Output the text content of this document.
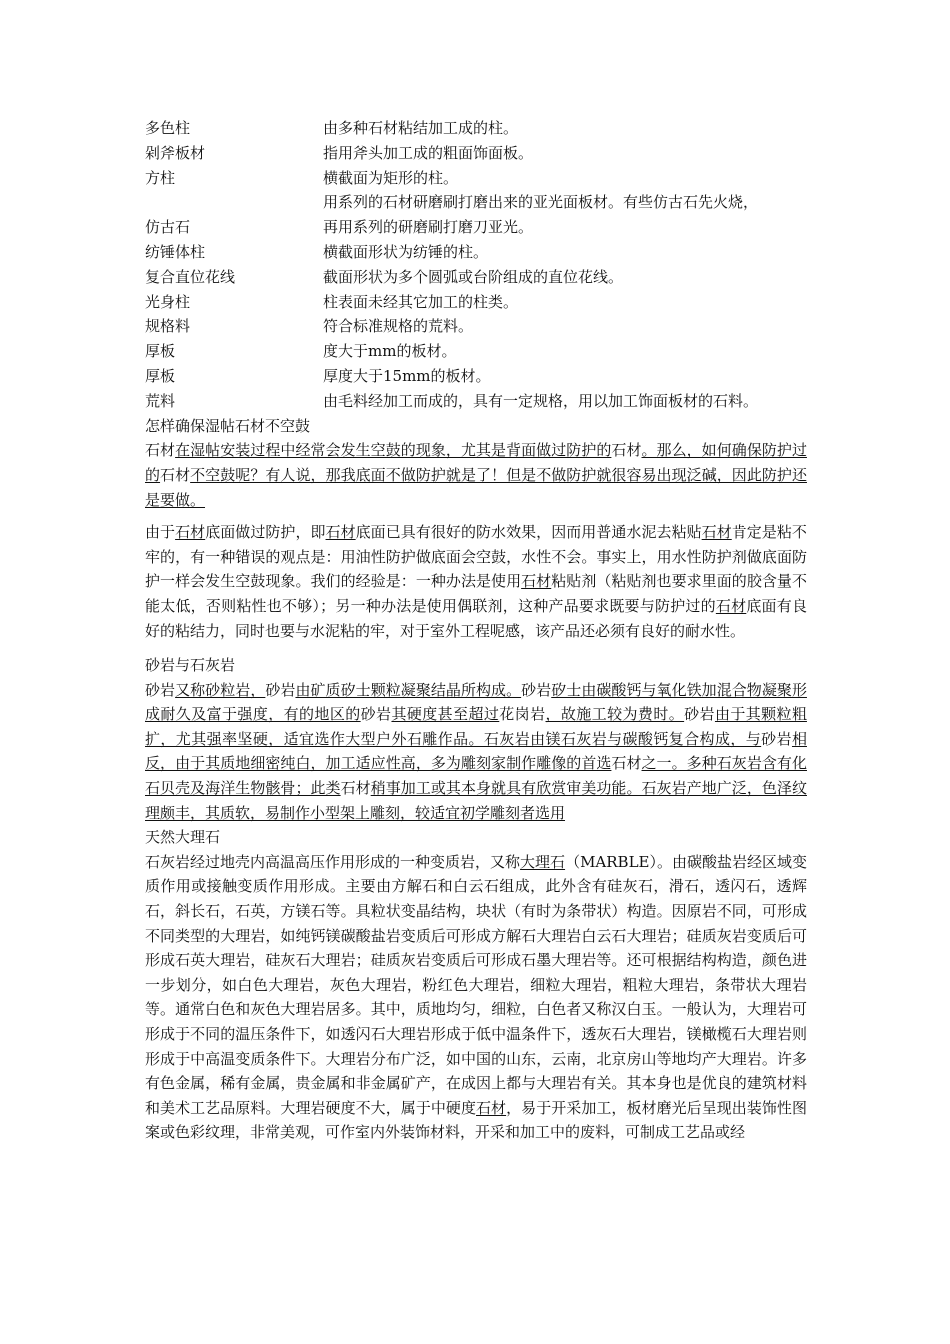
多色柱	由多种石材粘结加工成的柱。
剁斧板材	指用斧头加工成的粗面饰面板。
方柱	横截面为矩形的柱。
用系列的石材研磨刷打磨出来的亚光面板材。有些仿古石先火烧，
仿古石	再用系列的研磨刷打磨刀亚光。
纺锤体柱	横截面形状为纺锤的柱。
复合直位花线	截面形状为多个圆弧或台阶组成的直位花线。
光身柱	柱表面未经其它加工的柱类。
规格料	符合标准规格的荒料。
厚板	度大于mm的板材。
厚板	厚度大于15mm的板材。
荒料	由毛料经加工而成的，具有一定规格，用以加工饰面板材的石料。
怎样确保湿帖石材不空鼓

石材在湿帖安装过程中经常会发生空鼓的现象，尤其是背面做过防护的石材。那么，如何确保防护过的石材不空鼓呢？有人说，那我底面不做防护就是了！但是不做防护就很容易出现泛碱，因此防护还是要做。

由于石材底面做过防护，即石材底面已具有很好的防水效果，因而用普通水泥去粘贴石材肯定是粘不牢的，有一种错误的观点是：用油性防护做底面会空鼓，水性不会。事实上，用水性防护剂做底面防护一样会发生空鼓现象。我们的经验是：一种办法是使用石材粘贴剂（粘贴剂也要求里面的胶含量不能太低，否则粘性也不够）；另一种办法是使用偶联剂，这种产品要求既要与防护过的石材底面有良好的粘结力，同时也要与水泥粘的牢，对于室外工程呢感，该产品还必须有良好的耐水性。

砂岩与石灰岩

砂岩又称砂粒岩，砂岩由矿质矽士颗粒凝聚结晶所构成。砂岩矽士由碳酸钙与氧化铁加混合物凝聚形成耐久及富于强度，有的地区的砂岩其硬度甚至超过花岗岩，故施工较为费时。砂岩由于其颗粒粗扩，尤其强率坚硬，适宜选作大型户外石雕作品。石灰岩由镁石灰岩与碳酸钙复合构成，与砂岩相反，由于其质地细密纯白，加工适应性高，多为雕刻家制作雕像的首选石材之一。多种石灰岩含有化石贝壳及海洋生物骸骨；此类石材稍事加工或其本身就具有欣赏审美功能。石灰岩产地广泛，色泽纹理颇丰，其质软，易制作小型架上雕刻，较适宜初学雕刻者选用

天然大理石

石灰岩经过地壳内高温高压作用形成的一种变质岩，又称大理石（MARBLE）。由碳酸盐岩经区域变质作用或接触变质作用形成。主要由方解石和白云石组成，此外含有硅灰石，滑石，透闪石，透辉石，斜长石，石英，方镁石等。具粒状变晶结构，块状（有时为条带状）构造。因原岩不同，可形成不同类型的大理岩，如纯钙镁碳酸盐岩变质后可形成方解石大理岩白云石大理岩；硅质灰岩变质后可形成石英大理岩，硅灰石大理岩；硅质灰岩变质后可形成石墨大理岩等。还可根据结构构造，颜色进一步划分，如白色大理岩，灰色大理岩，粉红色大理岩，细粒大理岩，粗粒大理岩，条带状大理岩等。通常白色和灰色大理岩居多。其中，质地均匀，细粒，白色者又称汉白玉。一般认为，大理岩可形成于不同的温压条件下，如透闪石大理岩形成于低中温条件下，透灰石大理岩，镁橄榄石大理岩则形成于中高温变质条件下。大理岩分布广泛，如中国的山东，云南，北京房山等地均产大理岩。许多有色金属，稀有金属，贵金属和非金属矿产，在成因上都与大理岩有关。其本身也是优良的建筑材料和美术工艺品原料。大理岩硬度不大，属于中硬度石材，易于开采加工，板材磨光后呈现出装饰性图案或色彩纹理，非常美观，可作室内外装饰材料，开采和加工中的废料，可制成工艺品或经
